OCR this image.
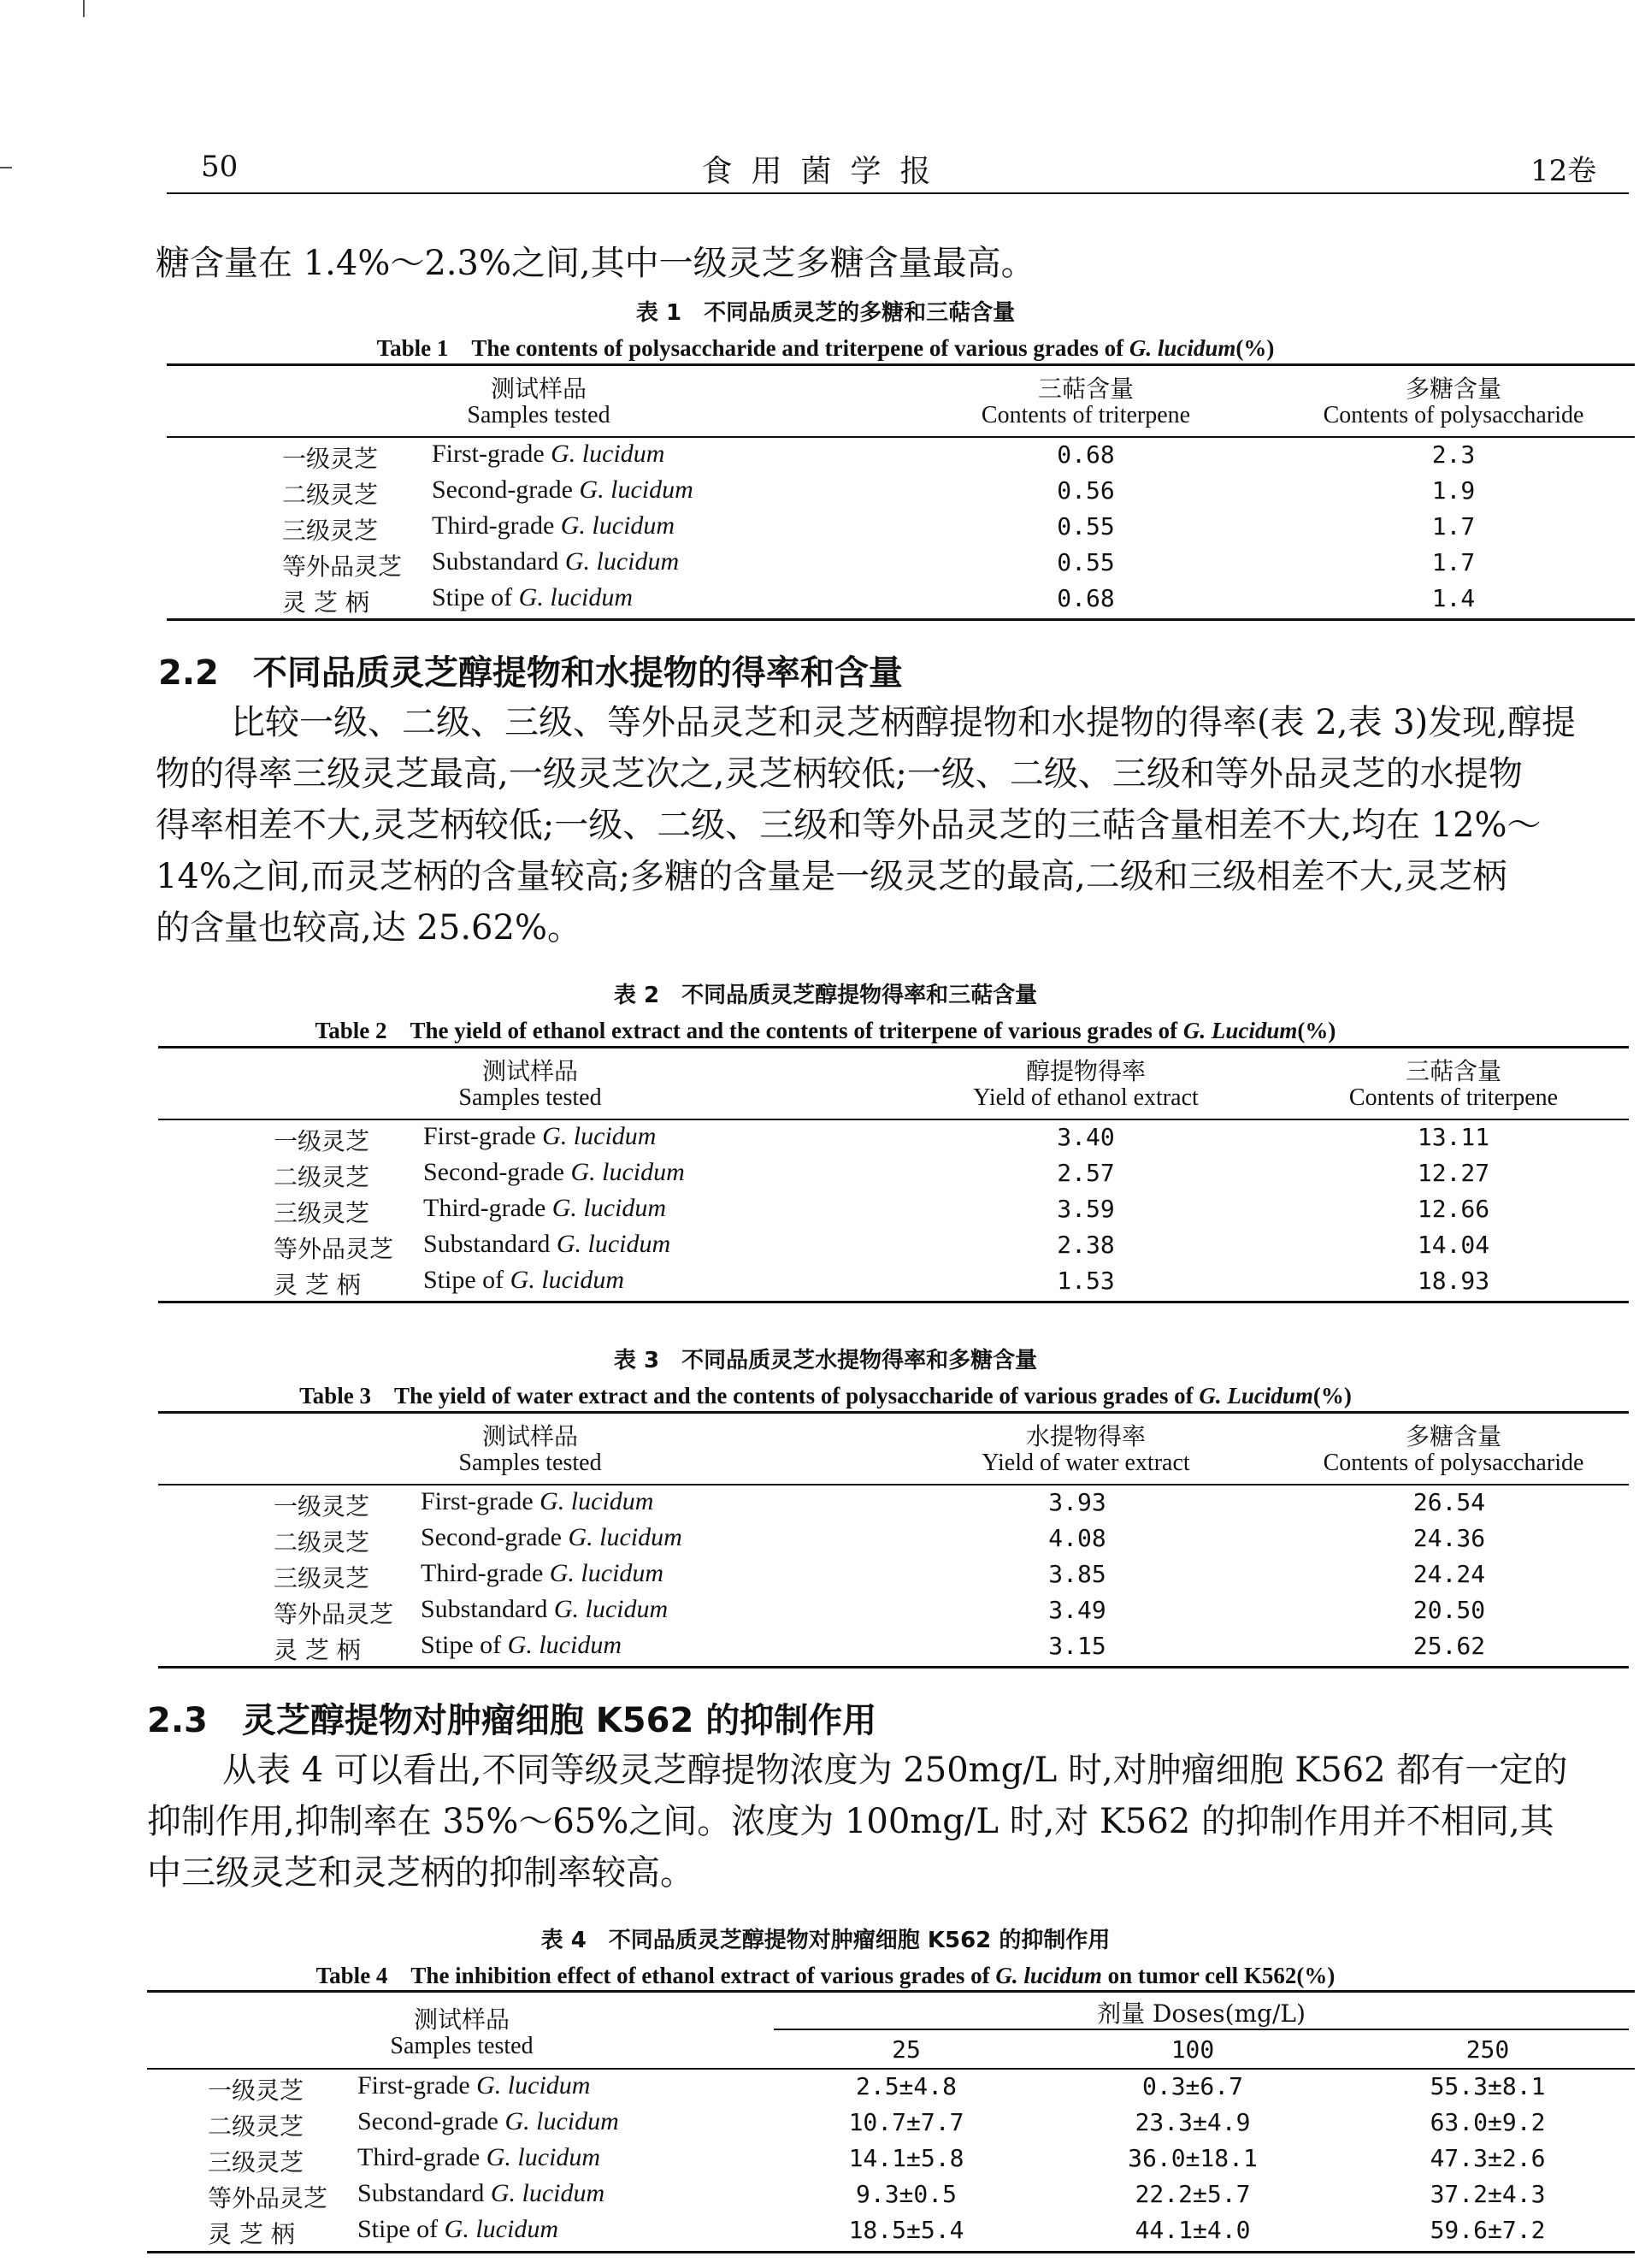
50	食用菌学报	12卷

糖含量在 1.4%～2.3%之间,其中一级灵芝多糖含量最高。

表 1　不同品质灵芝的多糖和三萜含量
Table 1　The contents of polysaccharide and triterpene of various grades of G. lucidum(%)
测试样品
Samples tested
三萜含量
Contents of triterpene
多糖含量
Contents of polysaccharide
一级灵芝 First-grade G. lucidum	0.68	2.3
二级灵芝 Second-grade G. lucidum	0.56	1.9
三级灵芝 Third-grade G. lucidum	0.55	1.7
等外品灵芝 Substandard G. lucidum	0.55	1.7
灵 芝 柄 Stipe of G. lucidum	0.68	1.4
2.2　不同品质灵芝醇提物和水提物的得率和含量

比较一级、二级、三级、等外品灵芝和灵芝柄醇提物和水提物的得率(表 2,表 3)发现,醇提
物的得率三级灵芝最高,一级灵芝次之,灵芝柄较低;一级、二级、三级和等外品灵芝的水提物
得率相差不大,灵芝柄较低;一级、二级、三级和等外品灵芝的三萜含量相差不大,均在 12%～
14%之间,而灵芝柄的含量较高;多糖的含量是一级灵芝的最高,二级和三级相差不大,灵芝柄
的含量也较高,达 25.62%。

表 2　不同品质灵芝醇提物得率和三萜含量
Table 2　The yield of ethanol extract and the contents of triterpene of various grades of G. Lucidum(%)
测试样品
Samples tested
醇提物得率
Yield of ethanol extract
三萜含量
Contents of triterpene
一级灵芝 First-grade G. lucidum	3.40	13.11
二级灵芝 Second-grade G. lucidum	2.57	12.27
三级灵芝 Third-grade G. lucidum	3.59	12.66
等外品灵芝 Substandard G. lucidum	2.38	14.04
灵 芝 柄 Stipe of G. lucidum	1.53	18.93
表 3　不同品质灵芝水提物得率和多糖含量
Table 3　The yield of water extract and the contents of polysaccharide of various grades of G. Lucidum(%)
测试样品
Samples tested
水提物得率
Yield of water extract
多糖含量
Contents of polysaccharide
一级灵芝 First-grade G. lucidum	3.93	26.54
二级灵芝 Second-grade G. lucidum	4.08	24.36
三级灵芝 Third-grade G. lucidum	3.85	24.24
等外品灵芝 Substandard G. lucidum	3.49	20.50
灵 芝 柄 Stipe of G. lucidum	3.15	25.62
2.3　灵芝醇提物对肿瘤细胞 K562 的抑制作用

从表 4 可以看出,不同等级灵芝醇提物浓度为 250mg/L 时,对肿瘤细胞 K562 都有一定的
抑制作用,抑制率在 35%～65%之间。浓度为 100mg/L 时,对 K562 的抑制作用并不相同,其
中三级灵芝和灵芝柄的抑制率较高。

表 4　不同品质灵芝醇提物对肿瘤细胞 K562 的抑制作用
Table 4　The inhibition effect of ethanol extract of various grades of G. lucidum on tumor cell K562(%)
测试样品
Samples tested
剂量 Doses(mg/L)
25	100	250
一级灵芝 First-grade G. lucidum	2.5±4.8	0.3±6.7	55.3±8.1
二级灵芝 Second-grade G. lucidum	10.7±7.7	23.3±4.9	63.0±9.2
三级灵芝 Third-grade G. lucidum	14.1±5.8	36.0±18.1	47.3±2.6
等外品灵芝 Substandard G. lucidum	9.3±0.5	22.2±5.7	37.2±4.3
灵 芝 柄 Stipe of G. lucidum	18.5±5.4	44.1±4.0	59.6±7.2
